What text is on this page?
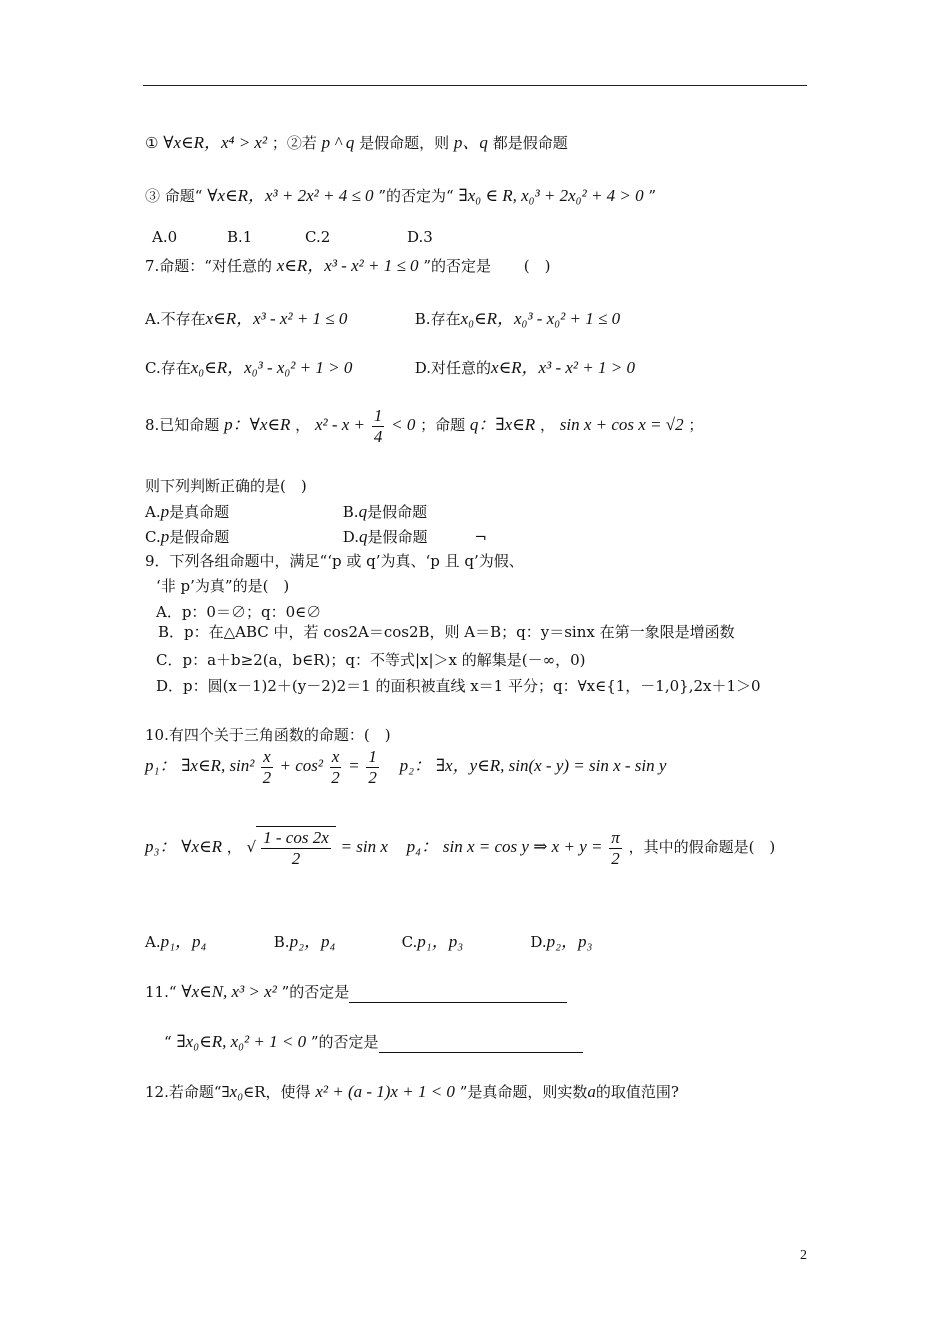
① ∀x∈R，x⁴ > x² ；②若 p ^ q 是假命题，则 p、q 都是假命题
③ 命题“ ∀x∈R，x³ + 2x² + 4 ≤ 0 ”的否定为“ ∃x₀ ∈ R, x₀³ + 2x₀² + 4 > 0 ”
A.0	B.1	C.2	D.3
7.命题：“对任意的 x∈R，x³ - x² + 1 ≤ 0 ”的否定是 (　)
A.不存在x∈R，x³ - x² + 1 ≤ 0	B.存在x₀∈R，x₀³ - x₀² + 1 ≤ 0
C.存在x₀∈R，x₀³ - x₀² + 1 > 0	D.对任意的x∈R，x³ - x² + 1 > 0
8.已知命题 p：∀x∈R ， $x^2 - x + \frac{1}{4} < 0$ ；命题 q：∃x∈R ， sin x + cos x = √2 ；
则下列判断正确的是(　)
A.p是真命题	B.q是假命题
C.p是假命题	D.q是假命题	¬
9．下列各组命题中，满足“‘p 或 q’为真、‘p 且 q’为假、
‘非 p’为真”的是(　)
A．p：0＝∅；q：0∈∅
B．p：在△ABC 中，若 cos2A＝cos2B，则 A＝B；q：y＝sinx 在第一象限是增函数
C．p：a＋b≥2(a，b∈R)；q：不等式|x|＞x 的解集是(－∞，0)
D．p：圆(x－1)2＋(y－2)2＝1 的面积被直线 x＝1 平分；q：∀x∈{1，－1,0},2x＋1＞0
10.有四个关于三角函数的命题：(　)
p₁： ∃x∈R, $\sin^2 \frac{x}{2} + \cos^2 \frac{x}{2} = \frac{1}{2} p_2$： ∃x，y∈R, sin(x - y) = sin x - sin y
p₃： ∀x∈R ， √ $\frac{1 - \cos 2x}{2} = \sin x$ p₄： sin x = cos y ⇒ $x + y = \frac{\pi}{2}$ ，其中的假命题是(　)
A.p₁，p₄	B.p₂，p₄	C.p₁，p₃	D.p₂，p₃
11.“ ∀x∈N, x³ > x² ”的否定是
“ ∃x₀∈R, x₀² + 1 < 0 ”的否定是
12.若命题“∃x₀∈R，使得 x² + (a - 1)x + 1 < 0 ”是真命题，则实数a的取值范围?
2
